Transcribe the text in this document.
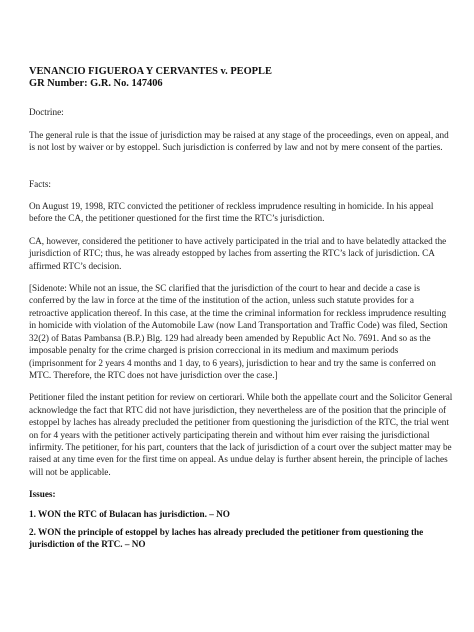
VENANCIO FIGUEROA Y CERVANTES v. PEOPLE
GR Number: G.R. No. 147406
Doctrine:

The general rule is that the issue of jurisdiction may be raised at any stage of the proceedings, even on appeal, and is not lost by waiver or by estoppel. Such jurisdiction is conferred by law and not by mere consent of the parties.

Facts:

On August 19, 1998, RTC convicted the petitioner of reckless imprudence resulting in homicide. In his appeal before the CA, the petitioner questioned for the first time the RTC’s jurisdiction.

CA, however, considered the petitioner to have actively participated in the trial and to have belatedly attacked the jurisdiction of RTC; thus, he was already estopped by laches from asserting the RTC’s lack of jurisdiction. CA affirmed RTC’s decision.

[Sidenote: While not an issue, the SC clarified that the jurisdiction of the court to hear and decide a case is conferred by the law in force at the time of the institution of the action, unless such statute provides for a retroactive application thereof. In this case, at the time the criminal information for reckless imprudence resulting in homicide with violation of the Automobile Law (now Land Transportation and Traffic Code) was filed, Section 32(2) of Batas Pambansa (B.P.) Blg. 129 had already been amended by Republic Act No. 7691. And so as the imposable penalty for the crime charged is prision correccional in its medium and maximum periods (imprisonment for 2 years 4 months and 1 day, to 6 years), jurisdiction to hear and try the same is conferred on MTC. Therefore, the RTC does not have jurisdiction over the case.]

Petitioner filed the instant petition for review on certiorari. While both the appellate court and the Solicitor General acknowledge the fact that RTC did not have jurisdiction, they nevertheless are of the position that the principle of estoppel by laches has already precluded the petitioner from questioning the jurisdiction of the RTC, the trial went on for 4 years with the petitioner actively participating therein and without him ever raising the jurisdictional infirmity. The petitioner, for his part, counters that the lack of jurisdiction of a court over the subject matter may be raised at any time even for the first time on appeal. As undue delay is further absent herein, the principle of laches will not be applicable.

Issues:
1. WON the RTC of Bulacan has jurisdiction. – NO
2. WON the principle of estoppel by laches has already precluded the petitioner from questioning the jurisdiction of the RTC. – NO
